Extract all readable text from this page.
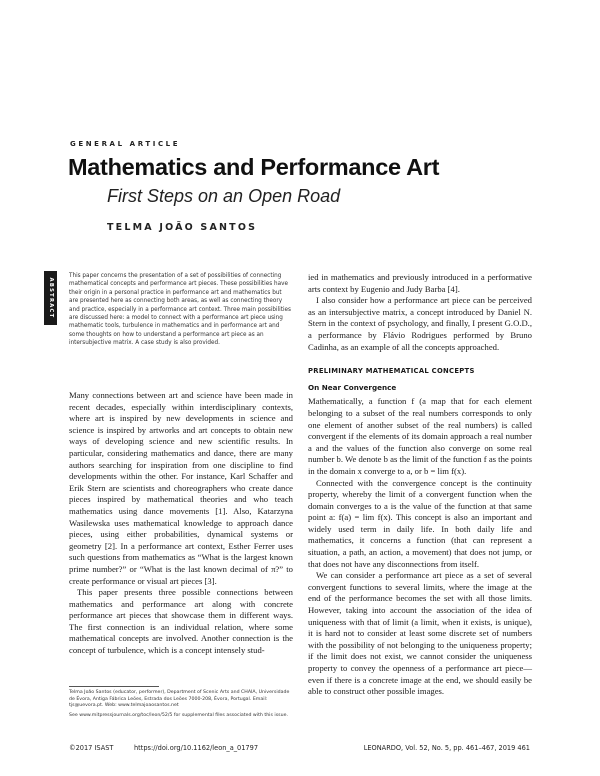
GENERAL ARTICLE
Mathematics and Performance Art
First Steps on an Open Road
TELMA JOÃO SANTOS
ABSTRACT
This paper concerns the presentation of a set of possibilities of connecting mathematical concepts and performance art pieces. These possibilities have their origin in a personal practice in performance art and mathematics but are presented here as connecting both areas, as well as connecting theory and practice, especially in a performance art context. Three main possibilities are discussed here: a model to connect with a performance art piece using mathematic tools, turbulence in mathematics and in performance art and some thoughts on how to understand a performance art piece as an intersubjective matrix. A case study is also provided.

Many connections between art and science have been made in recent decades, especially within interdisciplinary contexts, where art is inspired by new developments in science and science is inspired by artworks and art concepts to obtain new ways of developing science and new scientific results. In particular, considering mathematics and dance, there are many authors searching for inspiration from one discipline to find developments within the other. For instance, Karl Schaffer and Erik Stern are scientists and choreographers who create dance pieces inspired by mathematical theories and who teach mathematics using dance movements [1]. Also, Katarzyna Wasilewska uses mathematical knowledge to approach dance pieces, using either probabilities, dynamical systems or geometry [2]. In a performance art context, Esther Ferrer uses such questions from mathematics as “What is the largest known prime number?” or “What is the last known decimal of π?” to create performance or visual art pieces [3].

This paper presents three possible connections between mathematics and performance art along with concrete performance art pieces that showcase them in different ways. The first connection is an individual relation, where some mathematical concepts are involved. Another connection is the concept of turbulence, which is a concept intensely stud-

ied in mathematics and previously introduced in a performative arts context by Eugenio and Judy Barba [4].

I also consider how a performance art piece can be perceived as an intersubjective matrix, a concept introduced by Daniel N. Stern in the context of psychology, and finally, I present G.O.D., a performance by Flávio Rodrigues performed by Bruno Cadinha, as an example of all the concepts approached.

PRELIMINARY MATHEMATICAL CONCEPTS

On Near Convergence

Mathematically, a function f (a map that for each element belonging to a subset of the real numbers corresponds to only one element of another subset of the real numbers) is called convergent if the elements of its domain approach a real number a and the values of the function also converge on some real number b. We denote b as the limit of the function f as the points in the domain x converge to a, or b = lim f(x).

Connected with the convergence concept is the continuity property, whereby the limit of a convergent function when the domain converges to a is the value of the function at that same point a: f(a) = lim f(x). This concept is also an important and widely used term in daily life. In both daily life and mathematics, it concerns a function (that can represent a situation, a path, an action, a movement) that does not jump, or that does not have any disconnections from itself.

We can consider a performance art piece as a set of several convergent functions to several limits, where the image at the end of the performance becomes the set with all those limits. However, taking into account the association of the idea of uniqueness with that of limit (a limit, when it exists, is unique), it is hard not to consider at least some discrete set of numbers with the possibility of not belonging to the uniqueness property; if the limit does not exist, we cannot consider the uniqueness property to convey the openness of a performance art piece—even if there is a concrete image at the end, we should easily be able to construct other possible images.

Telma João Santos (educator, performer), Department of Scenic Arts and CHAIA, Universidade de Évora, Antiga Fábrica Leões, Estrada dos Leões 7000-208, Évora, Portugal. Email: tjs@uevora.pt. Web: www.telmajoaosantos.net
See www.mitpressjournals.org/toc/leon/52/5 for supplemental files associated with this issue.
©2017 ISAST	https://doi.org/10.1162/leon_a_01797	LEONARDO, Vol. 52, No. 5, pp. 461–467, 2019 461
